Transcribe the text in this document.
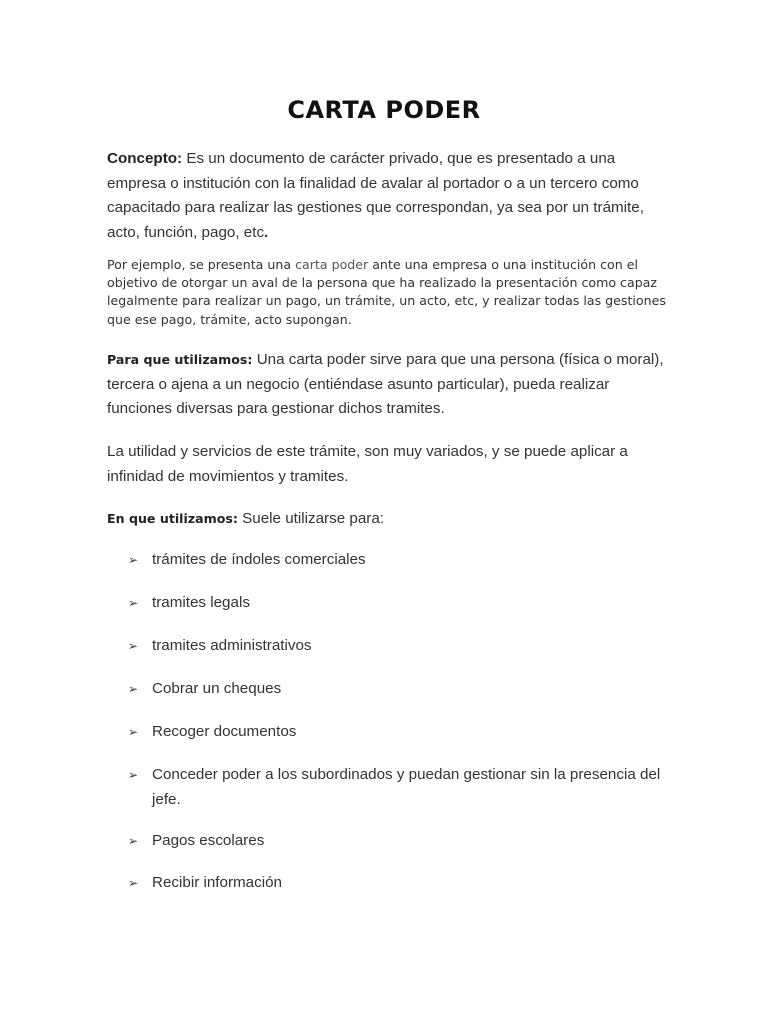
CARTA PODER

Concepto: Es un documento de carácter privado, que es presentado a una empresa o institución con la finalidad de avalar al portador o a un tercero como capacitado para realizar las gestiones que correspondan, ya sea por un trámite, acto, función, pago, etc.

Por ejemplo, se presenta una carta poder ante una empresa o una institución con el objetivo de otorgar un aval de la persona que ha realizado la presentación como capaz legalmente para realizar un pago, un trámite, un acto, etc, y realizar todas las gestiones que ese pago, trámite, acto supongan.

Para que utilizamos: Una carta poder sirve para que una persona (física o moral), tercera o ajena a un negocio (entiéndase asunto particular), pueda realizar funciones diversas para gestionar dichos tramites.

La utilidad y servicios de este trámite, son muy variados, y se puede aplicar a infinidad de movimientos y tramites.

En que utilizamos: Suele utilizarse para:

➢ trámites de índoles comerciales
➢ tramites legals
➢ tramites administrativos
➢ Cobrar un cheques
➢ Recoger documentos
➢ Conceder poder a los subordinados y puedan gestionar sin la presencia del jefe.
➢ Pagos escolares
➢ Recibir información
